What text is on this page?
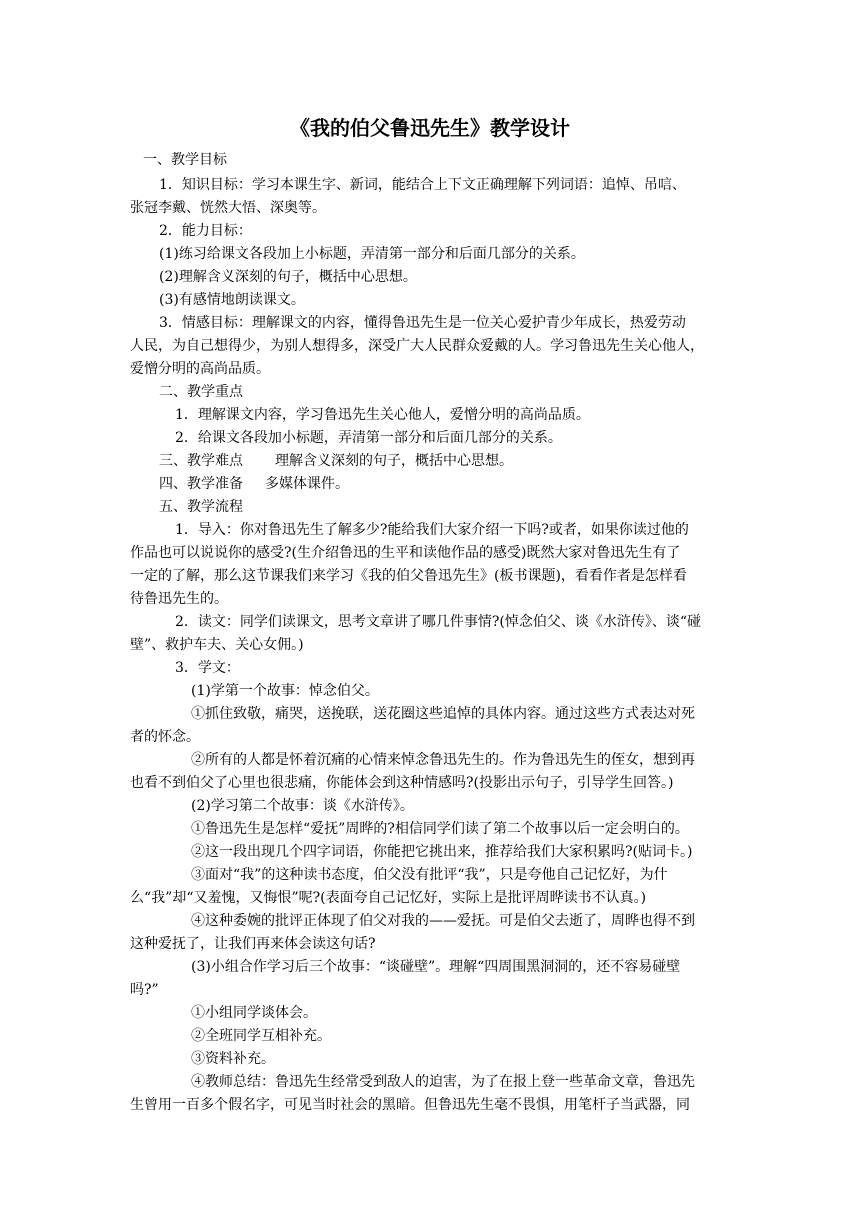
《我的伯父鲁迅先生》教学设计
一、教学目标
1．知识目标：学习本课生字、新词，能结合上下文正确理解下列词语：追悼、吊唁、
张冠李戴、恍然大悟、深奥等。
2．能力目标：
(1)练习给课文各段加上小标题，弄清第一部分和后面几部分的关系。
(2)理解含义深刻的句子，概括中心思想。
(3)有感情地朗读课文。
3．情感目标：理解课文的内容，懂得鲁迅先生是一位关心爱护青少年成长，热爱劳动
人民，为自己想得少，为别人想得多，深受广大人民群众爱戴的人。学习鲁迅先生关心他人，
爱憎分明的高尚品质。
二、教学重点
1．理解课文内容，学习鲁迅先生关心他人，爱憎分明的高尚品质。
2．给课文各段加小标题，弄清第一部分和后面几部分的关系。
三、教学难点 理解含义深刻的句子，概括中心思想。
四、教学准备 多媒体课件。
五、教学流程
1．导入：你对鲁迅先生了解多少?能给我们大家介绍一下吗?或者，如果你读过他的
作品也可以说说你的感受?(生介绍鲁迅的生平和读他作品的感受)既然大家对鲁迅先生有了
一定的了解，那么这节课我们来学习《我的伯父鲁迅先生》(板书课题)，看看作者是怎样看
待鲁迅先生的。
2．读文：同学们读课文，思考文章讲了哪几件事情?(悼念伯父、谈《水浒传》、谈“碰
壁”、救护车夫、关心女佣。)
3．学文：
(1)学第一个故事：悼念伯父。
①抓住致敬，痛哭，送挽联，送花圈这些追悼的具体内容。通过这些方式表达对死
者的怀念。
②所有的人都是怀着沉痛的心情来悼念鲁迅先生的。作为鲁迅先生的侄女，想到再
也看不到伯父了心里也很悲痛，你能体会到这种情感吗?(投影出示句子，引导学生回答。)
(2)学习第二个故事：谈《水浒传》。
①鲁迅先生是怎样“爱抚”周晔的?相信同学们读了第二个故事以后一定会明白的。
②这一段出现几个四字词语，你能把它挑出来，推荐给我们大家积累吗?(贴词卡。)
③面对“我”的这种读书态度，伯父没有批评“我”，只是夸他自己记忆好，为什
么“我”却“又羞愧，又悔恨”呢?(表面夸自己记忆好，实际上是批评周晔读书不认真。)
④这种委婉的批评正体现了伯父对我的——爱抚。可是伯父去逝了，周晔也得不到
这种爱抚了，让我们再来体会读这句话?
(3)小组合作学习后三个故事：“谈碰壁”。理解“四周围黑洞洞的，还不容易碰壁
吗?”
①小组同学谈体会。
②全班同学互相补充。
③资料补充。
④教师总结：鲁迅先生经常受到敌人的迫害，为了在报上登一些革命文章，鲁迅先
生曾用一百多个假名字，可见当时社会的黑暗。但鲁迅先生毫不畏惧，用笔杆子当武器，同
